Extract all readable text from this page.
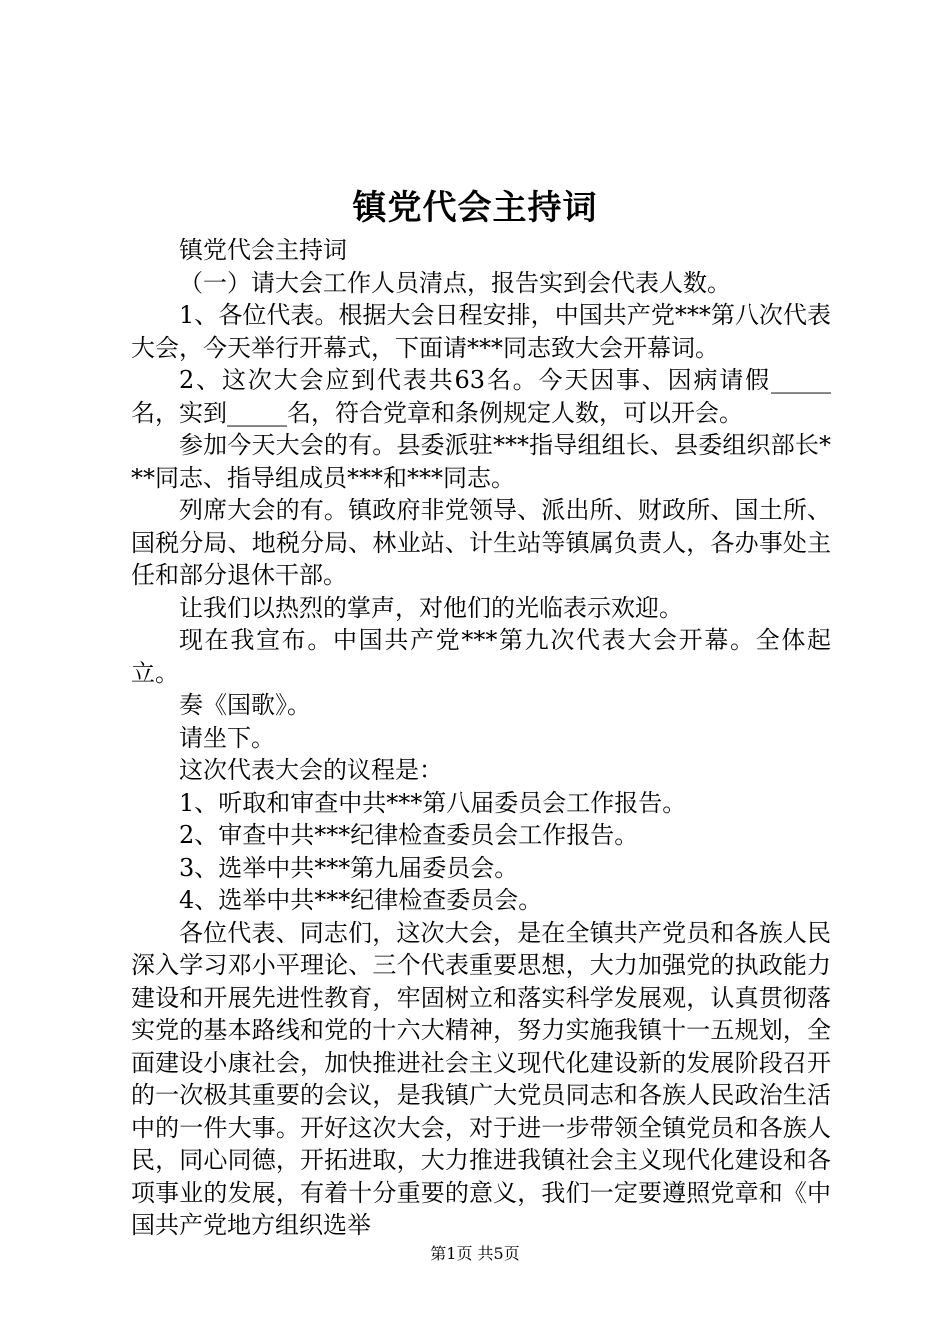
镇党代会主持词

镇党代会主持词

（一）请大会工作人员清点，报告实到会代表人数。

1、各位代表。根据大会日程安排，中国共产党***第八次代表大会，今天举行开幕式，下面请***同志致大会开幕词。

2、这次大会应到代表共63名。今天因事、因病请假_____名，实到_____名，符合党章和条例规定人数，可以开会。

参加今天大会的有。县委派驻***指导组组长、县委组织部长***同志、指导组成员***和***同志。

列席大会的有。镇政府非党领导、派出所、财政所、国土所、国税分局、地税分局、林业站、计生站等镇属负责人，各办事处主任和部分退休干部。

让我们以热烈的掌声，对他们的光临表示欢迎。

现在我宣布。中国共产党***第九次代表大会开幕。全体起立。

奏《国歌》。

请坐下。

这次代表大会的议程是：

1、听取和审查中共***第八届委员会工作报告。

2、审查中共***纪律检查委员会工作报告。

3、选举中共***第九届委员会。

4、选举中共***纪律检查委员会。

各位代表、同志们，这次大会，是在全镇共产党员和各族人民深入学习邓小平理论、三个代表重要思想，大力加强党的执政能力建设和开展先进性教育，牢固树立和落实科学发展观，认真贯彻落实党的基本路线和党的十六大精神，努力实施我镇十一五规划，全面建设小康社会，加快推进社会主义现代化建设新的发展阶段召开的一次极其重要的会议，是我镇广大党员同志和各族人民政治生活中的一件大事。开好这次大会，对于进一步带领全镇党员和各族人民，同心同德，开拓进取，大力推进我镇社会主义现代化建设和各项事业的发展，有着十分重要的意义，我们一定要遵照党章和《中国共产党地方组织选举

第1页 共5页
